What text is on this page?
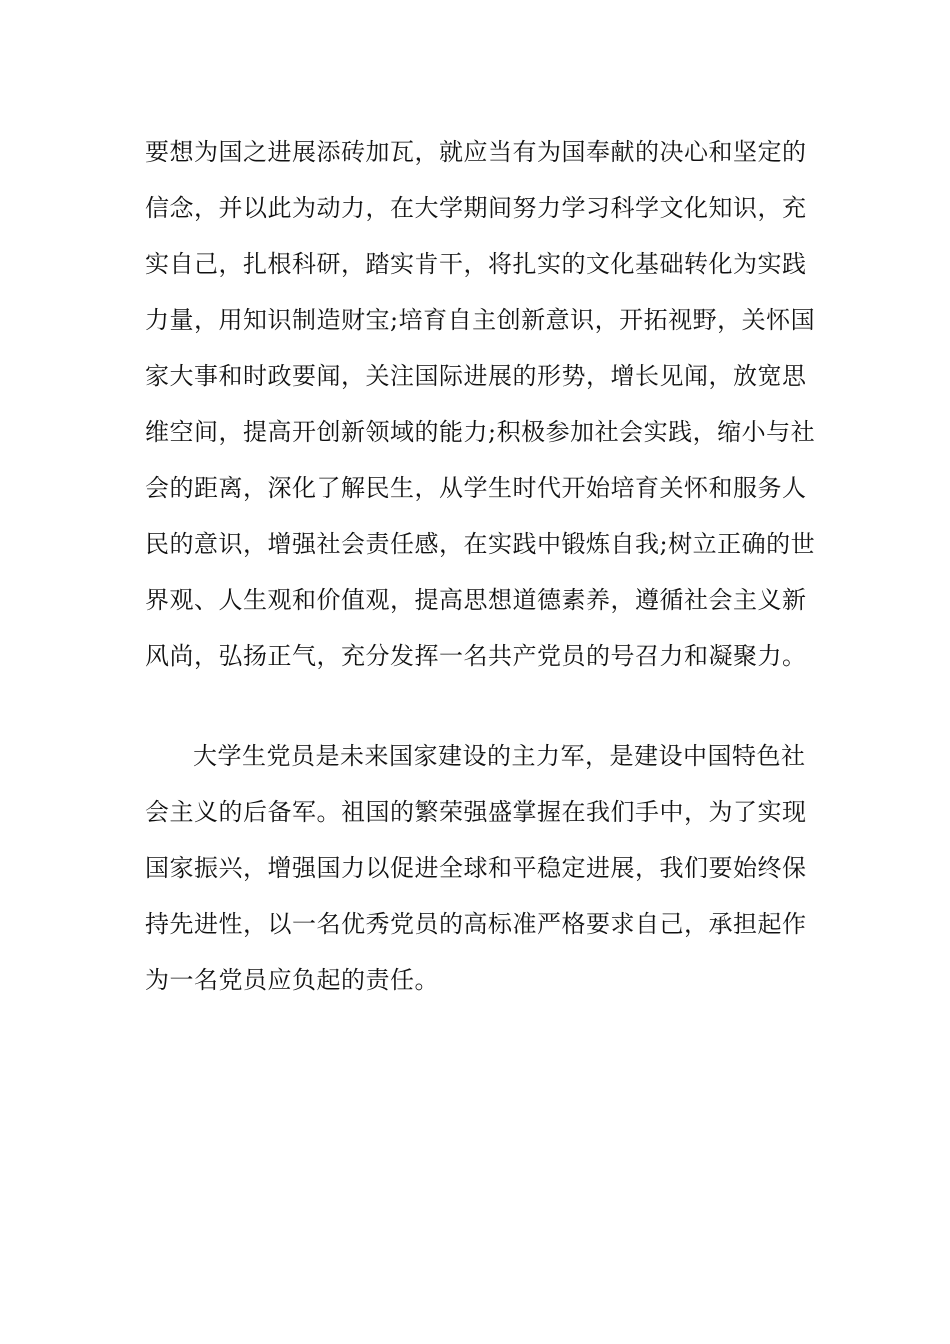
要想为国之进展添砖加瓦，就应当有为国奉献的决心和坚定的
信念，并以此为动力，在大学期间努力学习科学文化知识，充
实自己，扎根科研，踏实肯干，将扎实的文化基础转化为实践
力量，用知识制造财宝;培育自主创新意识，开拓视野，关怀国
家大事和时政要闻，关注国际进展的形势，增长见闻，放宽思
维空间，提高开创新领域的能力;积极参加社会实践，缩小与社
会的距离，深化了解民生，从学生时代开始培育关怀和服务人
民的意识，增强社会责任感，在实践中锻炼自我;树立正确的世
界观、人生观和价值观，提高思想道德素养，遵循社会主义新
风尚，弘扬正气，充分发挥一名共产党员的号召力和凝聚力。
大学生党员是未来国家建设的主力军，是建设中国特色社
会主义的后备军。祖国的繁荣强盛掌握在我们手中，为了实现
国家振兴，增强国力以促进全球和平稳定进展，我们要始终保
持先进性，以一名优秀党员的高标准严格要求自己，承担起作
为一名党员应负起的责任。
